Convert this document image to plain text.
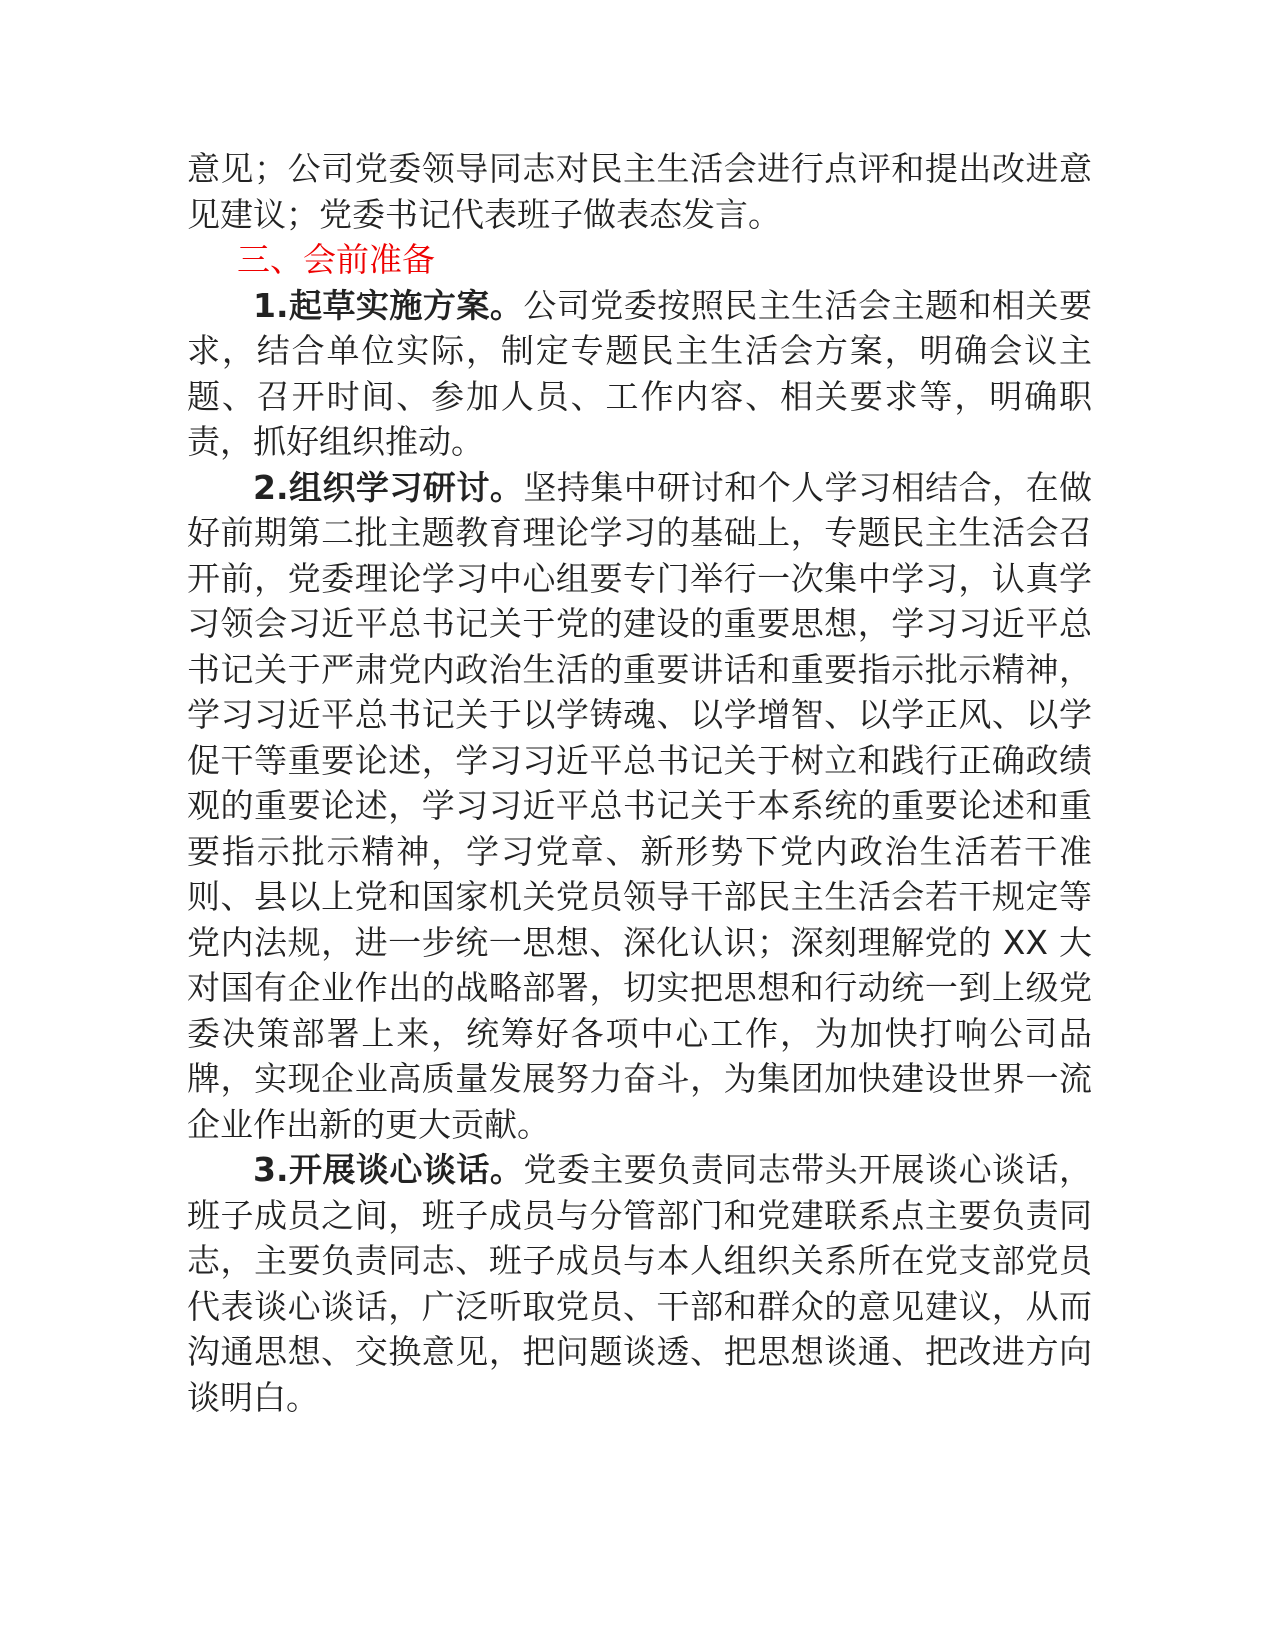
意见；公司党委领导同志对民主生活会进行点评和提出改进意见建议；党委书记代表班子做表态发言。

三、会前准备

1.起草实施方案。公司党委按照民主生活会主题和相关要求，结合单位实际，制定专题民主生活会方案，明确会议主题、召开时间、参加人员、工作内容、相关要求等，明确职责，抓好组织推动。

2.组织学习研讨。坚持集中研讨和个人学习相结合，在做好前期第二批主题教育理论学习的基础上，专题民主生活会召开前，党委理论学习中心组要专门举行一次集中学习，认真学习领会习近平总书记关于党的建设的重要思想，学习习近平总书记关于严肃党内政治生活的重要讲话和重要指示批示精神，学习习近平总书记关于以学铸魂、以学增智、以学正风、以学促干等重要论述，学习习近平总书记关于树立和践行正确政绩观的重要论述，学习习近平总书记关于本系统的重要论述和重要指示批示精神，学习党章、新形势下党内政治生活若干准则、县以上党和国家机关党员领导干部民主生活会若干规定等党内法规，进一步统一思想、深化认识；深刻理解党的 XX 大对国有企业作出的战略部署，切实把思想和行动统一到上级党委决策部署上来，统筹好各项中心工作，为加快打响公司品牌，实现企业高质量发展努力奋斗，为集团加快建设世界一流企业作出新的更大贡献。

3.开展谈心谈话。党委主要负责同志带头开展谈心谈话，班子成员之间，班子成员与分管部门和党建联系点主要负责同志，主要负责同志、班子成员与本人组织关系所在党支部党员代表谈心谈话，广泛听取党员、干部和群众的意见建议，从而沟通思想、交换意见，把问题谈透、把思想谈通、把改进方向谈明白。
